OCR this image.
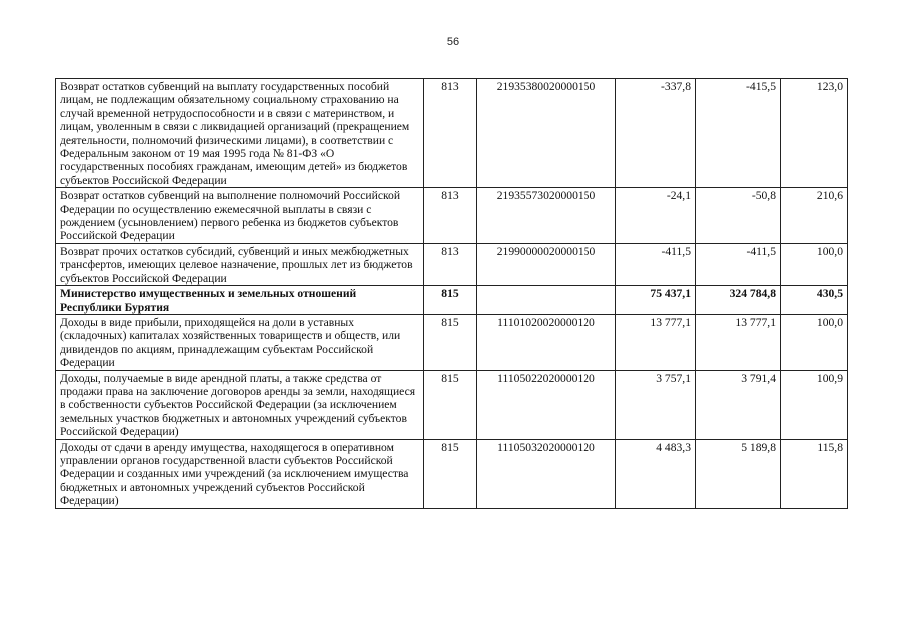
56
Возврат остатков субвенций на выплату государственных пособий лицам, не подлежащим обязательному социальному страхованию на случай временной нетрудоспособности и в связи с материнством, и лицам, уволенным в связи с ликвидацией организаций (прекращением деятельности, полномочий физическими лицами), в соответствии с Федеральным законом от 19 мая 1995 года № 81-ФЗ «О государственных пособиях гражданам, имеющим детей» из бюджетов субъектов Российской Федерации	813	21935380020000150	-337,8	-415,5	123,0
Возврат остатков субвенций на выполнение полномочий Российской Федерации по осуществлению ежемесячной выплаты в связи с рождением (усыновлением) первого ребенка из бюджетов субъектов Российской Федерации	813	21935573020000150	-24,1	-50,8	210,6
Возврат прочих остатков субсидий, субвенций и иных межбюджетных трансфертов, имеющих целевое назначение, прошлых лет из бюджетов субъектов Российской Федерации	813	21990000020000150	-411,5	-411,5	100,0
Министерство имущественных и земельных отношений Республики Бурятия	815		75 437,1	324 784,8	430,5
Доходы в виде прибыли, приходящейся на доли в уставных (складочных) капиталах хозяйственных товариществ и обществ, или дивидендов по акциям, принадлежащим субъектам Российской Федерации	815	11101020020000120	13 777,1	13 777,1	100,0
Доходы, получаемые в виде арендной платы, а также средства от продажи права на заключение договоров аренды за земли, находящиеся в собственности субъектов Российской Федерации (за исключением земельных участков бюджетных и автономных учреждений субъектов Российской Федерации)	815	11105022020000120	3 757,1	3 791,4	100,9
Доходы от сдачи в аренду имущества, находящегося в оперативном управлении органов государственной власти субъектов Российской Федерации и созданных ими учреждений (за исключением имущества бюджетных и автономных учреждений субъектов Российской Федерации)	815	11105032020000120	4 483,3	5 189,8	115,8
